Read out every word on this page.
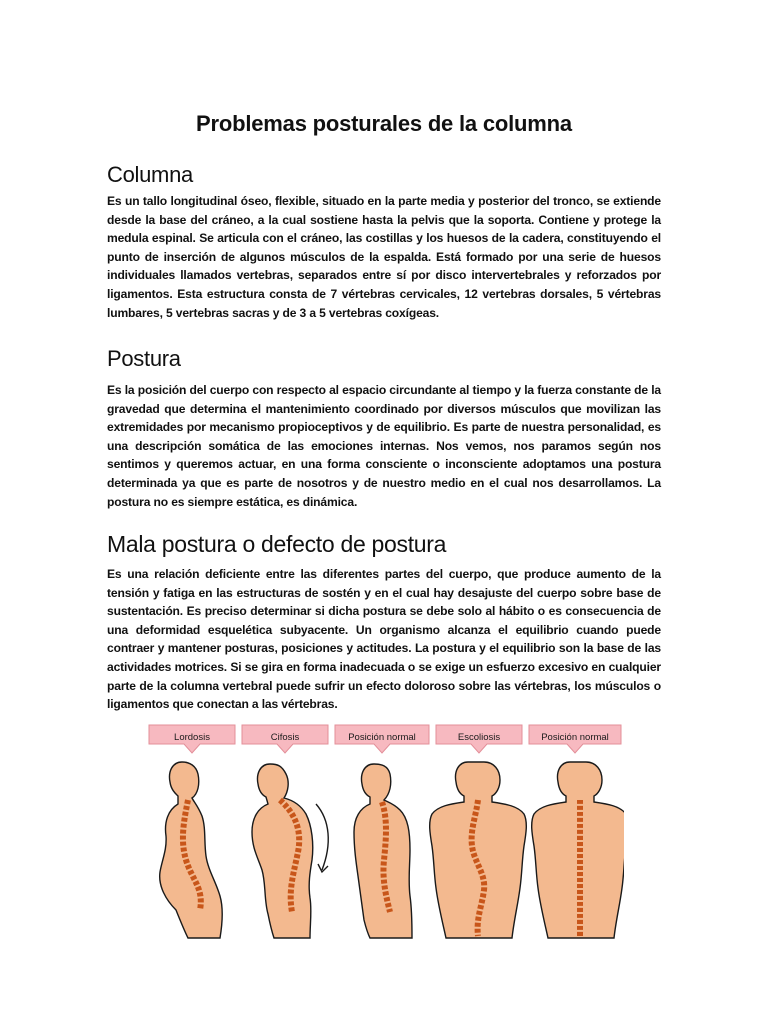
Problemas posturales de la columna
Columna

Es un tallo longitudinal óseo, flexible, situado en la parte media y posterior del tronco, se extiende desde la base del cráneo, a la cual sostiene hasta la pelvis que la soporta. Contiene y protege la medula espinal. Se articula con el cráneo, las costillas y los huesos de la cadera, constituyendo el punto de inserción de algunos músculos de la espalda. Está formado por una serie de huesos individuales llamados vertebras, separados entre sí por disco intervertebrales y reforzados por ligamentos. Esta estructura consta de 7 vértebras cervicales, 12 vertebras dorsales, 5 vértebras lumbares, 5 vertebras sacras y de 3 a 5 vertebras coxígeas.

Postura

Es la posición del cuerpo con respecto al espacio circundante al tiempo y la fuerza constante de la gravedad que determina el mantenimiento coordinado por diversos músculos que movilizan las extremidades por mecanismo propioceptivos y de equilibrio. Es parte de nuestra personalidad, es una descripción somática de las emociones internas. Nos vemos, nos paramos según nos sentimos y queremos actuar, en una forma consciente o inconsciente adoptamos una postura determinada ya que es parte de nosotros y de nuestro medio en el cual nos desarrollamos. La postura no es siempre estática, es dinámica.

Mala postura o defecto de postura

Es una relación deficiente entre las diferentes partes del cuerpo, que produce aumento de la tensión y fatiga en las estructuras de sostén y en el cual hay desajuste del cuerpo sobre base de sustentación. Es preciso determinar si dicha postura se debe solo al hábito o es consecuencia de una deformidad esquelética subyacente. Un organismo alcanza el equilibrio cuando puede contraer y mantener posturas, posiciones y actitudes. La postura y el equilibrio son la base de las actividades motrices. Si se gira en forma inadecuada o se exige un esfuerzo excesivo en cualquier parte de la columna vertebral puede sufrir un efecto doloroso sobre las vértebras, los músculos o ligamentos que conectan a las vértebras.

Lordosis	Cifosis	Posición normal	Escoliosis	Posición normal
